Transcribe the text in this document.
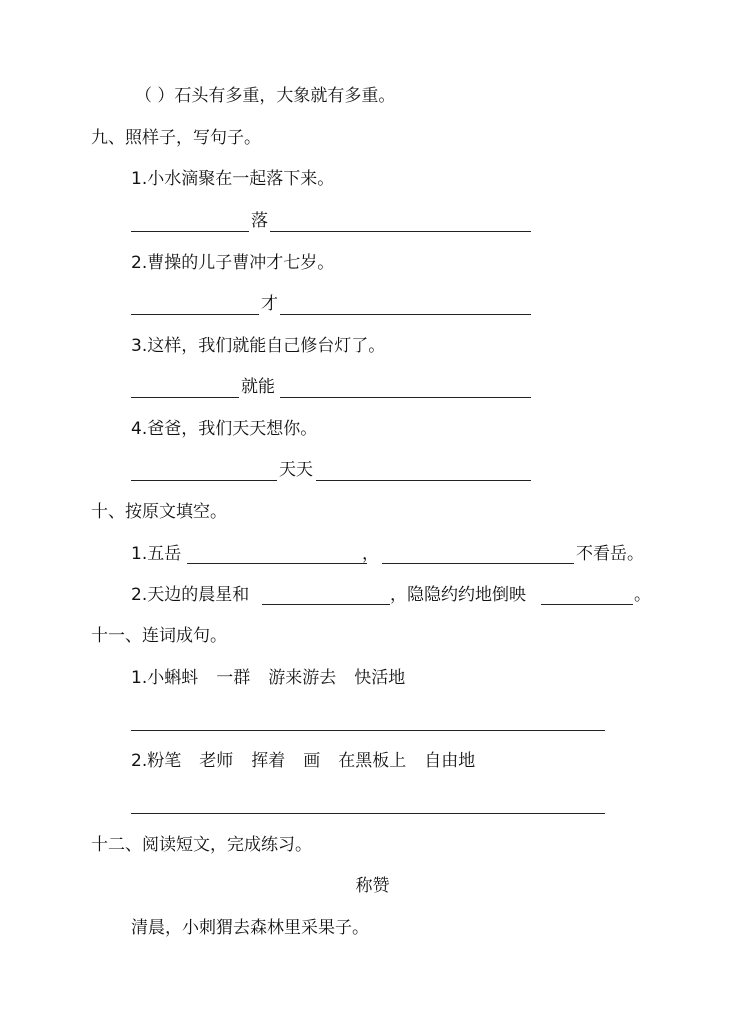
（ ）石头有多重，大象就有多重。
九、照样子，写句子。
1.小水滴聚在一起落下来。
落
2.曹操的儿子曹冲才七岁。
才
3.这样，我们就能自己修台灯了。
就能
4.爸爸，我们天天想你。
天天
十、按原文填空。
1.五岳	，	不看岳。
2.天边的晨星和	，隐隐约约地倒映	。
十一、连词成句。
1.小蝌蚪 一群 游来游去 快活地
2.粉笔 老师 挥着 画 在黑板上 自由地
十二、阅读短文，完成练习。
称赞
清晨，小刺猬去森林里采果子。
